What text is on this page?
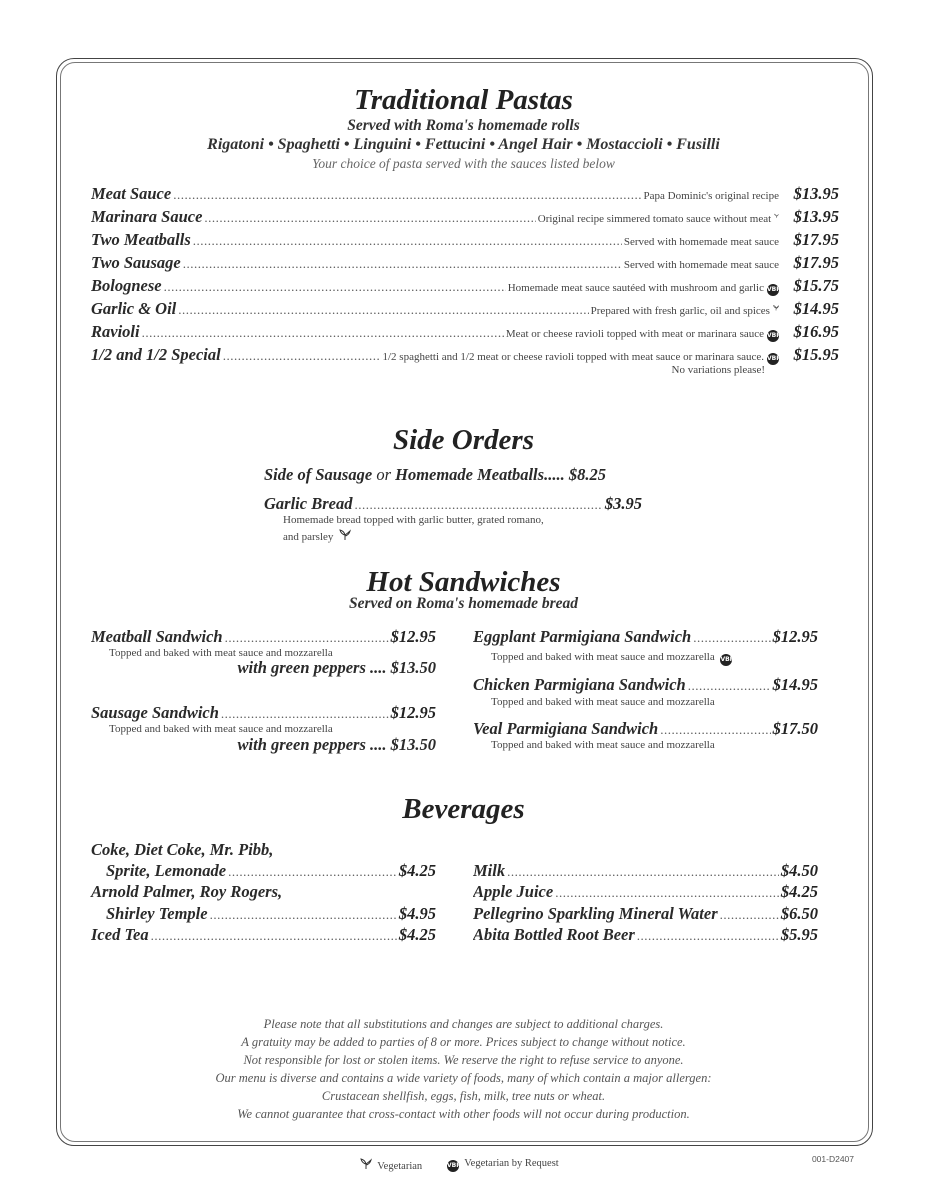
Traditional Pastas
Served with Roma's homemade rolls
Rigatoni • Spaghetti • Linguini • Fettucini • Angel Hair • Mostaccioli • Fusilli
Your choice of pasta served with the sauces listed below
Meat Sauce .....	Papa Dominic's original recipe $13.95
Marinara Sauce .....	Original recipe simmered tomato sauce without meat	$13.95
Two Meatballs .....	Served with homemade meat sauce $17.95
Two Sausage .....	Served with homemade meat sauce $17.95
Bolognese .....	Homemade meat sauce sautéed with mushroom and garlic VBR $15.75
Garlic & Oil .....	Prepared with fresh garlic, oil and spices	$14.95
Ravioli .....	Meat or cheese ravioli topped with meat or marinara sauce VBR $16.95
1/2 and 1/2 Special .....	1/2 spaghetti and 1/2 meat or cheese ravioli topped with meat sauce or marinara sauce. VBR $15.95
No variations please!
Side Orders
Side of Sausage or Homemade Meatballs..... $8.25
Garlic Bread .....	$3.95
Homemade bread topped with garlic butter, grated romano,
and parsley
Hot Sandwiches
Served on Roma's homemade bread
Meatball Sandwich .....	$12.95
Topped and baked with meat sauce and mozzarella
with green peppers .... $13.50
Sausage Sandwich .....	$12.95
Topped and baked with meat sauce and mozzarella
with green peppers .... $13.50
Eggplant Parmigiana Sandwich .....	$12.95
Topped and baked with meat sauce and mozzarella VBR
Chicken Parmigiana Sandwich .....	$14.95
Topped and baked with meat sauce and mozzarella
Veal Parmigiana Sandwich .....	$17.50
Topped and baked with meat sauce and mozzarella
Beverages
Coke, Diet Coke, Mr. Pibb,
Sprite, Lemonade .....	$4.25
Arnold Palmer, Roy Rogers,
Shirley Temple .....	$4.95
Iced Tea .....	$4.25
Milk .....	$4.50
Apple Juice .....	$4.25
Pellegrino Sparkling Mineral Water .....	$6.50
Abita Bottled Root Beer .....	$5.95
Please note that all substitutions and changes are subject to additional charges.
A gratuity may be added to parties of 8 or more. Prices subject to change without notice.
Not responsible for lost or stolen items. We reserve the right to refuse service to anyone.
Our menu is diverse and contains a wide variety of foods, many of which contain a major allergen:
Crustacean shellfish, eggs, fish, milk, tree nuts or wheat.
We cannot guarantee that cross-contact with other foods will not occur during production.
Vegetarian	VBR Vegetarian by Request	001-D2407
